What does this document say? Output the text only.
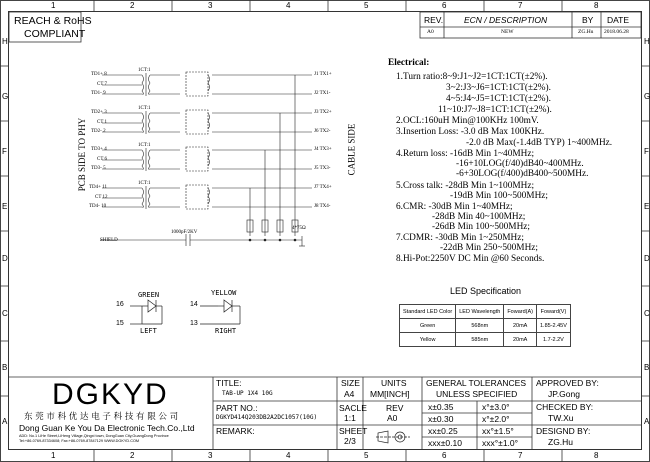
1	2	3	4	5	6	7	8
1	2	3	4	5	6	7	8
H
G
F
E
D
C
B
A
H
G
F
E
D
C
B
A
REACH & RoHS
COMPLIANT
REV. ECN / DESCRIPTION	BY DATE
A0	NEW	ZG.Hu 2018.06.28
TD1+ 8
CT 7
TD1- 9
TD2+ 3
CT 1
TD2- 2
TD3+ 4
CT 6
TD3- 5
TD4+ 11
CT 12
TD4- 10
J1 TX1+
J2 TX1-
J3 TX2+
J6 TX2-
J4 TX3+
J5 TX3-
J7 TX4+
J8 TX4-
1CT:1
1CT:1
1CT:1
1CT:1
PCB SIDE TO PHY	CABLE SIDE
SHIELD
1000pF/2KV
4*75Ω
Electrical:
1.Turn ratio:8~9:J1~J2=1CT:1CT(±2%).
3~2:J3~J6=1CT:1CT(±2%).
4~5:J4~J5=1CT:1CT(±2%).
11~10:J7~J8=1CT:1CT(±2%).
2.OCL:160uH Min@100KHz 100mV.
3.Insertion Loss: -3.0 dB Max 100KHz.
-2.0 dB Max(-1.4dB TYP) 1~400MHz.
4.Return loss: -16dB Min 1~40MHz;
-16+10LOG(f/40)dB40~400MHz.
-6+30LOG(f/400)dB400~500MHz.
5.Cross talk: -28dB Min 1~100MHz;
-19dB Min 100~500MHz;
6.CMR: -30dB Min 1~40MHz;
-28dB Min 40~100MHz;
-26dB Min 100~500MHz;
7.CDMR: -30dB Min 1~250MHz;
-22dB Min 250~500MHz;
8.Hi-Pot:2250V DC Min @60 Seconds.
GREEN	YELLOW
16
15
14
13
LEFT	RIGHT
LED Specification
Standard LED Color	LED Wavelength	Foward(A)	Foward(V)
Green	568nm	20mA	1.85-2.45V
Yellow	585nm	20mA	1.7-2.2V
DGKYD
东 莞 市 科 优 达 电 子 科 技 有 限 公 司
Dong Guan Ke You Da Electronic Tech.Co.,Ltd
ADD: No.1 LiHe Street,LiHeng Village,Qingxi town, DongGuan City,GuangDong Province
Tel:+86-0769-87334608; Fax:+86-0769-87847129 WWW.DGKYD.COM
TITLE:
TAB-UP 1X4 10G
PART NO.:
DGKYD414Q203DB2A2DC1057(10G)
REMARK:
SIZE
A4
UNITS
MM[INCH]
SACLE
1:1
REV
A0
SHEET
2/3
GENERAL TOLERANCES
UNLESS SPECIFIED
x±0.35	x°±3.0°
x±0.30	x°±2.0°
xx±0.25	xx°±1.5°
xxx±0.10 xxx°±1.0°
APPROVED BY:
JP.Gong
CHECKED BY:
TW.Xu
DESIGND BY:
ZG.Hu
